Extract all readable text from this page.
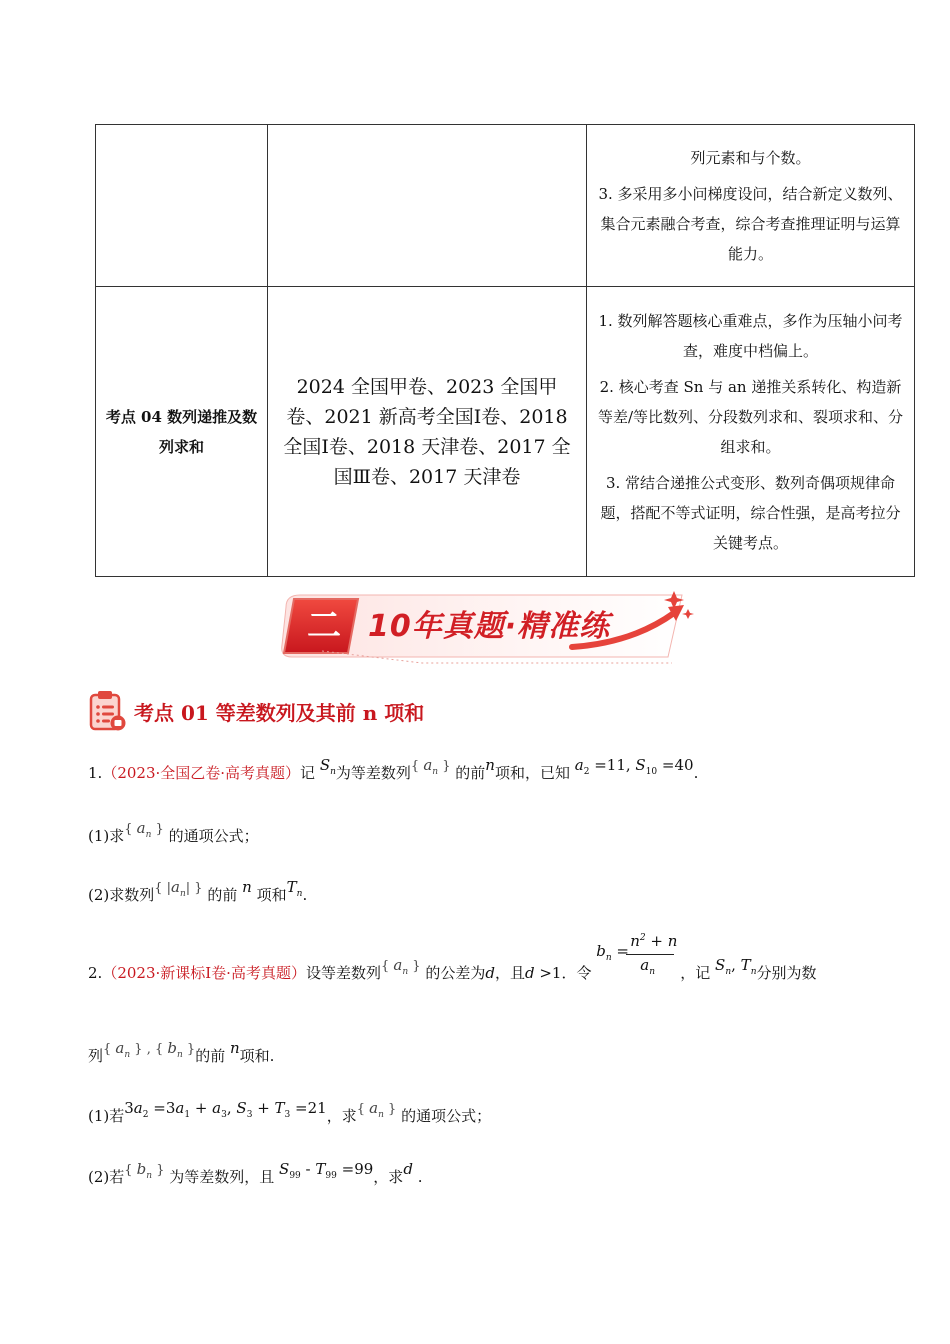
		列元素和与个数。

3. 多采用多小问梯度设问，结合新定义数列、集合元素融合考查，综合考查推理证明与运算能力。

考点 04 数列递推及数列求和	2024 全国甲卷、2023 全国甲卷、2021 新高考全国Ⅰ卷、2018 全国Ⅰ卷、2018 天津卷、2017 全国Ⅲ卷、2017 天津卷	1. 数列解答题核心重难点，多作为压轴小问考查，难度中档偏上。

2. 核心考查 Sn 与 an 递推关系转化、构造新等差/等比数列、分段数列求和、裂项求和、分组求和。

3. 常结合递推公式变形、数列奇偶项规律命题，搭配不等式证明，综合性强，是高考拉分关键考点。

二 10年真题·精准练
考点 01 等差数列及其前 n 项和
1.（2023·全国乙卷·高考真题）记 $S_n$为等差数列{ $a_n$ } 的前n项和，已知 $a_2 =11$, $S_{10} =40$.
(1)求{ $a_n$ } 的通项公式；
(2)求数列{ $|a_n|$ } 的前 n 项和$T_n$.
2.（2023·新课标Ⅰ卷·高考真题）设等差数列{ $a_n$ } 的公差为d，且d >1．令
$b_n$ =
$n^2 + n$
$a_n$ ，记 $S_n$, $T_n$分别为数
列{ $a_n$ } , { $b_n$ }的前 n项和.
(1)若$3a_2 =3a_1 + a_3$, $S_3 + T_3 =21$，求{ $a_n$ } 的通项公式；
(2)若{ $b_n$ } 为等差数列，且 $S_{99} - T_{99} =99$，求d .
